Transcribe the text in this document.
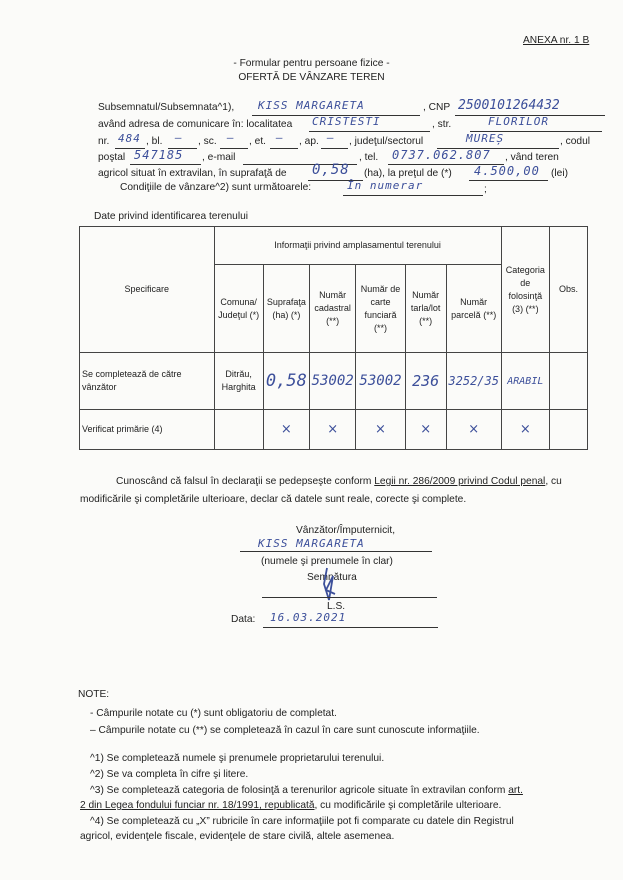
ANEXA nr. 1 B
- Formular pentru persoane fizice -
OFERTĂ DE VÂNZARE TEREN
Subsemnatul/Subsemnata^1), KISS MARGARETA	, CNP 2500101264432
având adresa de comunicare în: localitatea CRISTESTI	, str.	FLORILOR
nr. 484 , bl. — , sc. — , et. — , ap. — , judeţul/sectorul	MUREȘ	, codul
poştal 547185 , e-mail	, tel. 0737.062.807 , vând teren
agricol situat în extravilan, în suprafaţă de 0,58 (ha), la preţul de (*) 4.500,00 (lei)
Condiţiile de vânzare^2) sunt următoarele:	În numerar	;
Date privind identificarea terenului
Specificare	Informaţii privind amplasamentul terenului						Categoria de folosinţă (3) (**)	Obs.
	Comuna/ Judeţul (*)	Suprafaţa (ha) (*)	Număr cadastral (**)	Număr de carte funciară (**)	Număr tarla/lot (**)	Număr parcelă (**)		
Se completează de către vânzător	Ditrău, Harghita	0,58	53002	53002	236	3252/35	ARABIL	
Verificat primărie (4)		×	×	×	×	×	×	
Cunoscând că falsul în declaraţii se pedepseşte conform Legii nr. 286/2009 privind Codul penal, cu modificările şi completările ulterioare, declar că datele sunt reale, corecte şi complete.
Vânzător/Împuternicit,
KISS MARGARETA
(numele şi prenumele în clar)
Semnătura
L.S.
Data: 16.03.2021
NOTE:
- Câmpurile notate cu (*) sunt obligatoriu de completat.
– Câmpurile notate cu (**) se completează în cazul în care sunt cunoscute informaţiile.
^1) Se completează numele şi prenumele proprietarului terenului.
^2) Se va completa în cifre şi litere.
^3) Se completează categoria de folosinţă a terenurilor agricole situate în extravilan conform art.
2 din Legea fondului funciar nr. 18/1991, republicată, cu modificările şi completările ulterioare.
^4) Se completează cu „X” rubricile în care informaţiile pot fi comparate cu datele din Registrul
agricol, evidenţele fiscale, evidenţele de stare civilă, altele asemenea.
